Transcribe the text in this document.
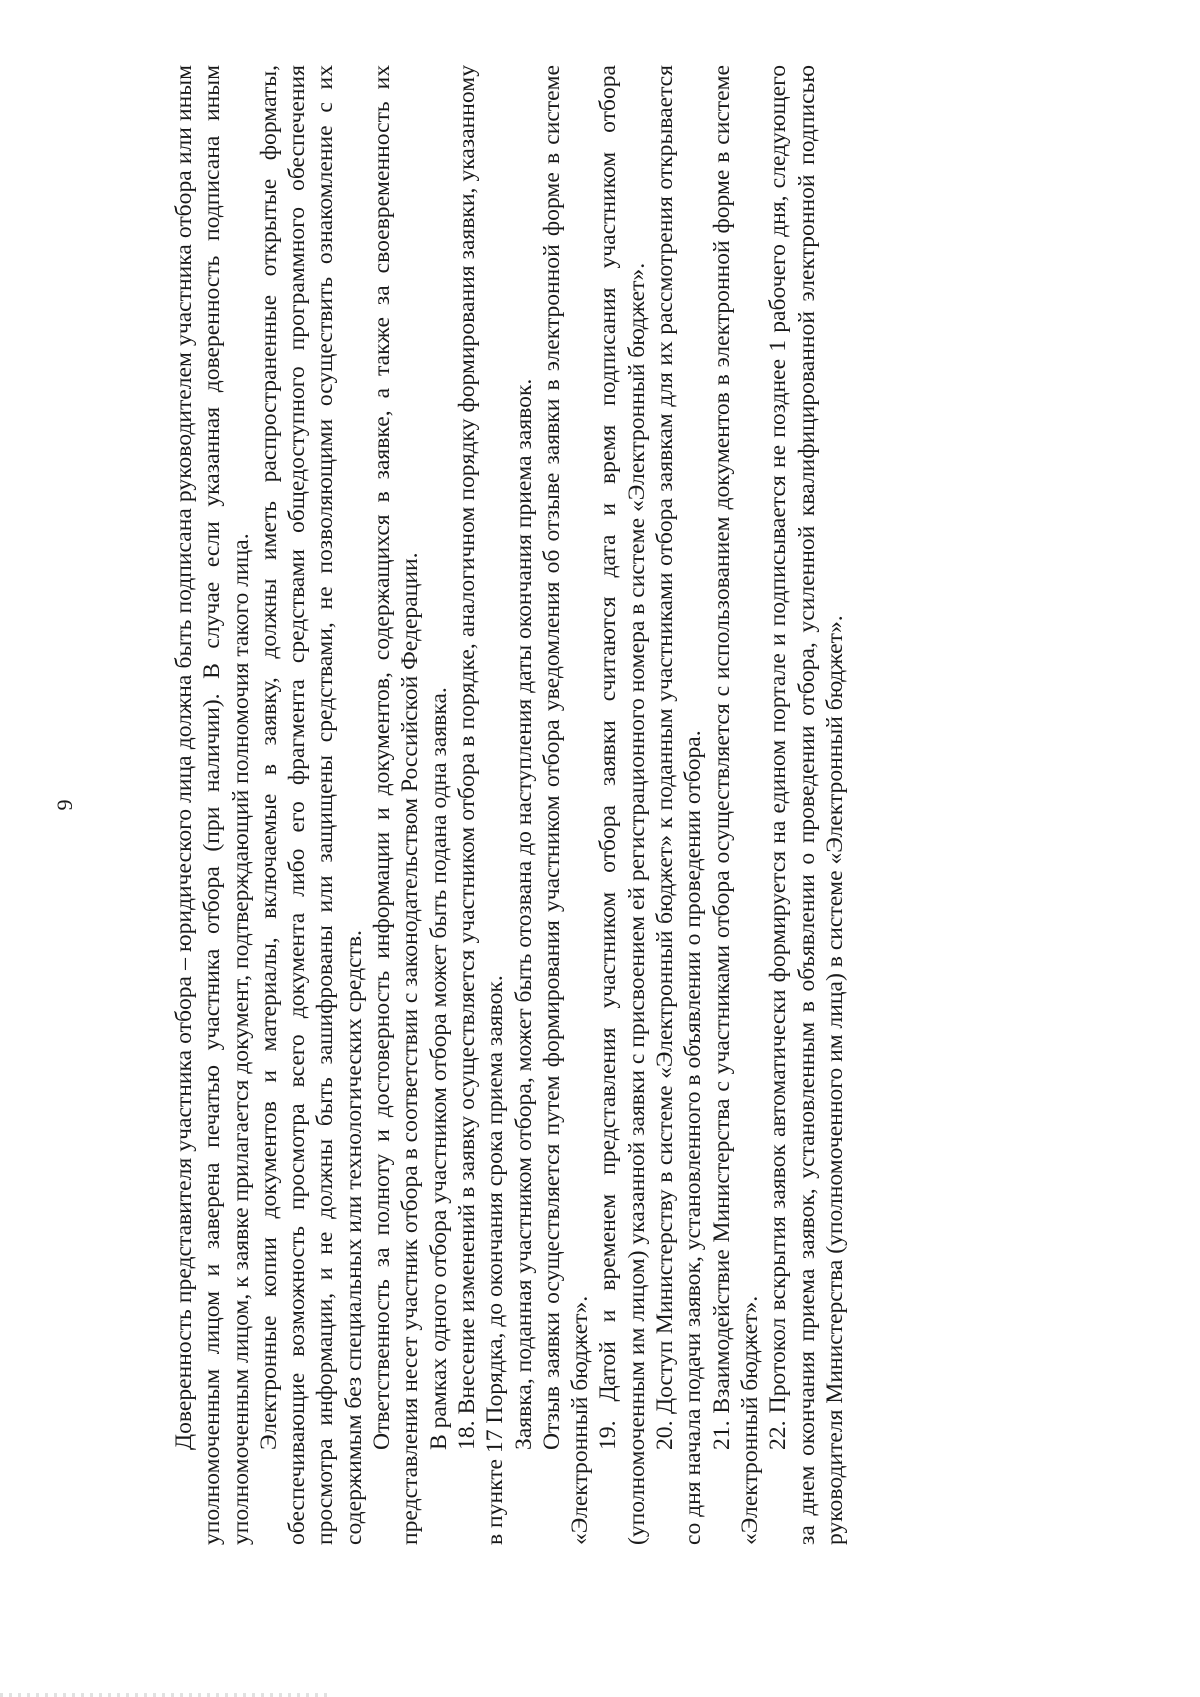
9	Доверенность представителя участника отбора – юридического лица должна быть подписана руководителем участника отбора или иным уполномоченным лицом и заверена печатью участника отбора (при наличии). В случае если указанная доверенность подписана иным уполномоченным лицом, к заявке прилагается документ, подтверждающий полномочия такого лица. Электронные копии документов и материалы, включаемые в заявку, должны иметь распространенные открытые форматы, обеспечивающие возможность просмотра всего документа либо его фрагмента средствами общедоступного программного обеспечения просмотра информации, и не должны быть зашифрованы или защищены средствами, не позволяющими осуществить ознакомление с их содержимым без специальных или технологических средств. Ответственность за полноту и достоверность информации и документов, содержащихся в заявке, а также за своевременность их представления несет участник отбора в соответствии с законодательством Российской Федерации. В рамках одного отбора участником отбора может быть подана одна заявка. 18. Внесение изменений в заявку осуществляется участником отбора в порядке, аналогичном порядку формирования заявки, указанному в пункте 17 Порядка, до окончания срока приема заявок. Заявка, поданная участником отбора, может быть отозвана до наступления даты окончания приема заявок. Отзыв заявки осуществляется путем формирования участником отбора уведомления об отзыве заявки в электронной форме в системе «Электронный бюджет». 19. Датой и временем представления участником отбора заявки считаются дата и время подписания участником отбора (уполномоченным им лицом) указанной заявки с присвоением ей регистрационного номера в системе «Электронный бюджет». 20. Доступ Министерству в системе «Электронный бюджет» к поданным участниками отбора заявкам для их рассмотрения открывается со дня начала подачи заявок, установленного в объявлении о проведении отбора. 21. Взаимодействие Министерства с участниками отбора осуществляется с использованием документов в электронной форме в системе «Электронный бюджет». 22. Протокол вскрытия заявок автоматически формируется на едином портале и подписывается не позднее 1 рабочего дня, следующего за днем окончания приема заявок, установленным в объявлении о проведении отбора, усиленной квалифицированной электронной подписью руководителя Министерства (уполномоченного им лица) в системе «Электронный бюджет».
